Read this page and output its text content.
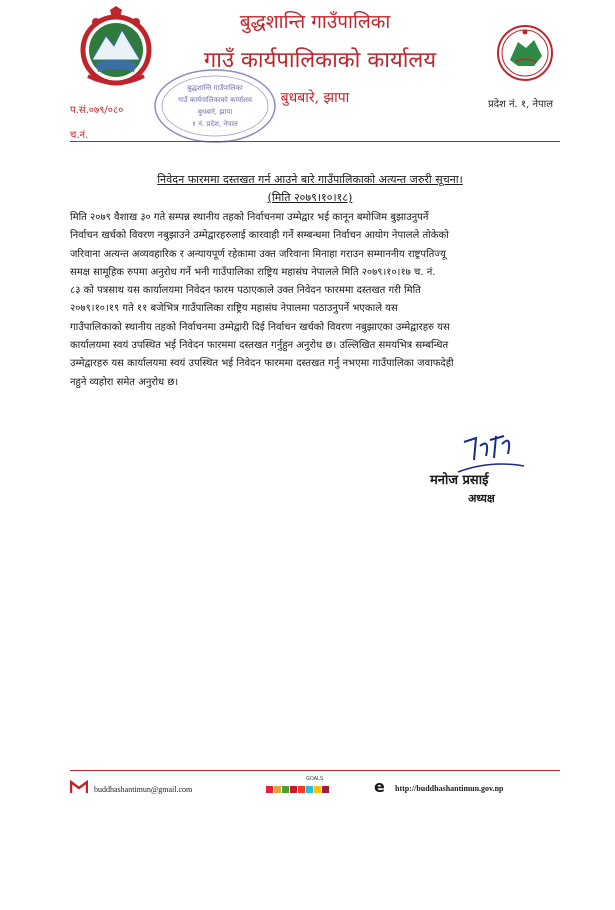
बुद्धशान्ति गाउँपालिका
गाउँ कार्यपालिकाको कार्यालय
बुधबारे, झापा
प.सं.०७९/०८०
च.नं.
प्रदेश नं. १, नेपाल
बुद्धशान्ति गाउँपालिका
गाउँ कार्यपालिकाको कार्यालय
बुधबारे, झापा
१ नं. प्रदेश, नेपाल
निवेदन फारममा दस्तखत गर्न आउने बारे गाउँपालिकाको अत्यन्त जरुरी सूचना।
(मिति २०७९।१०।१८)
मिति २०७९ वैशाख ३० गते सम्पन्न स्थानीय तहको निर्वाचनमा उम्मेद्वार भई कानून बमोजिम बुझाउनुपर्ने
निर्वाचन खर्चको विवरण नबुझाउने उम्मेद्वारहरुलाई कारवाही गर्ने सम्बन्धमा निर्वाचन आयोग नेपालले तोकेको
जरिवाना अत्यन्त अव्यवहारिक र अन्यायपूर्ण रहेकामा उक्त जरिवाना मिनाहा गराउन सम्माननीय राष्ट्रपतिज्यू
समक्ष सामूहिक रुपमा अनुरोध गर्ने भनी गाउँपालिका राष्ट्रिय महासंघ नेपालले मिति २०७९।१०।१७ च. नं.
८३ को पत्रसाथ यस कार्यालयमा निवेदन फारम पठाएकाले उक्त निवेदन फारममा दस्तखत गरी मिति
२०७९।१०।१९ गते ११ बजेभित्र गाउँपालिका राष्ट्रिय महासंघ नेपालमा पठाउनुपर्ने भएकाले यस
गाउँपालिकाको स्थानीय तहको निर्वाचनमा उम्मेद्वारी दिई निर्वाचन खर्चको विवरण नबुझाएका उम्मेद्वारहरु यस
कार्यालयमा स्वयं उपस्थित भई निवेदन फारममा दस्तखत गर्नुहुन अनुरोध छ। उल्लिखित समयभित्र सम्बन्धित
उम्मेद्वारहरु यस कार्यालयमा स्वयं उपस्थित भई निवेदन फारममा दस्तखत गर्नु नभएमा गाउँपालिका जवाफदेही
नहुने व्यहोरा समेत अनुरोध छ।
मनोज प्रसाई
अध्यक्ष
buddhashantimun@gmail.com
GOALS	e http://buddhashantimun.gov.np
